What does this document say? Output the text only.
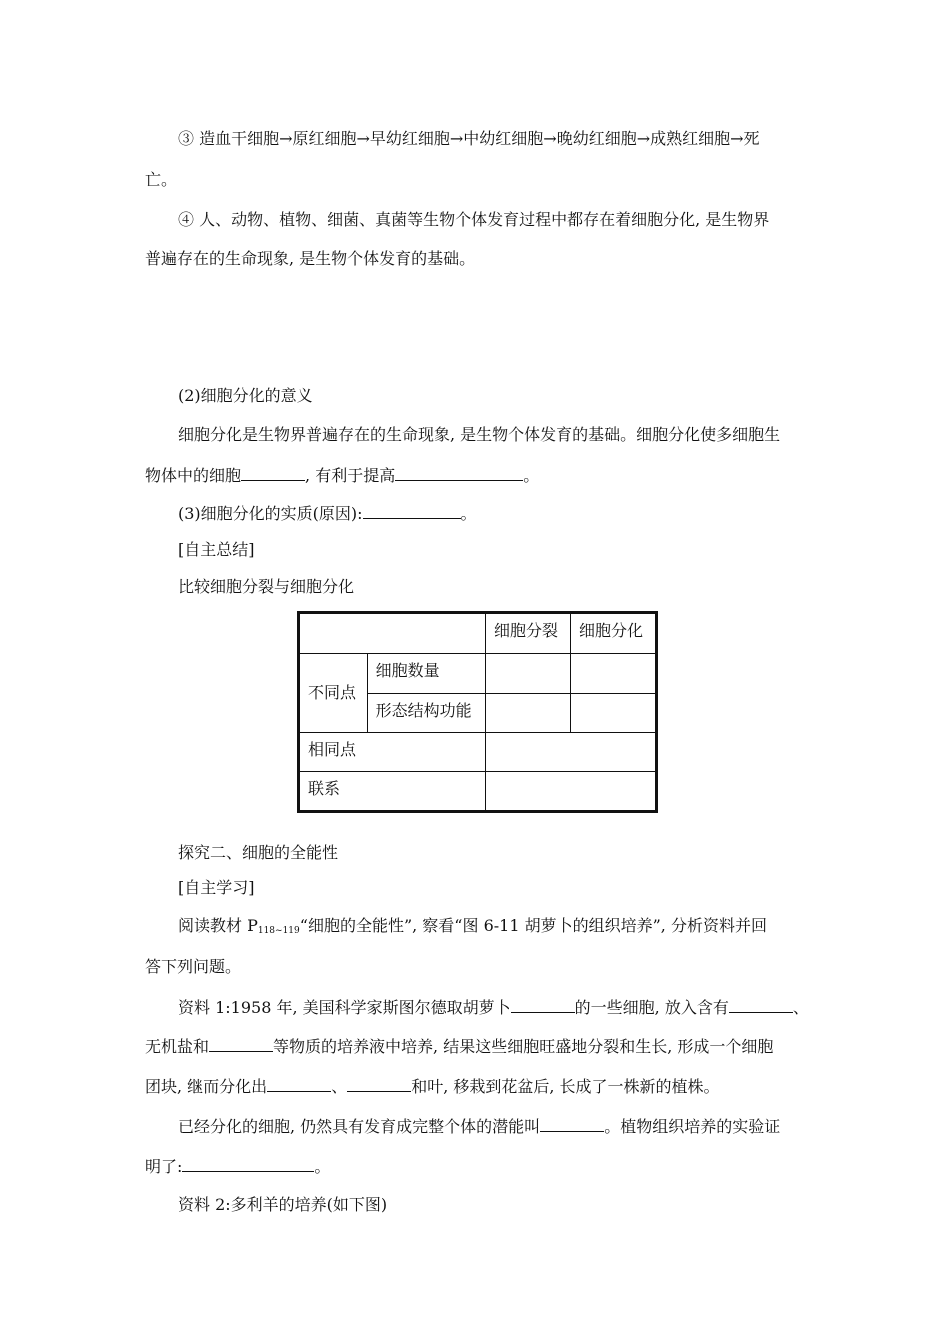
③ 造血干细胞→原红细胞→早幼红细胞→中幼红细胞→晚幼红细胞→成熟红细胞→死
亡。
④ 人、动物、植物、细菌、真菌等生物个体发育过程中都存在着细胞分化, 是生物界
普遍存在的生命现象, 是生物个体发育的基础。
(2)细胞分化的意义
细胞分化是生物界普遍存在的生命现象, 是生物个体发育的基础。细胞分化使多细胞生
物体中的细胞	, 有利于提高	。
(3)细胞分化的实质(原因):	。
[自主总结]
比较细胞分裂与细胞分化
		细胞分裂	细胞分化
不同点	细胞数量		
	形态结构功能		
相同点			
联系			
探究二、细胞的全能性
[自主学习]
阅读教材 $P_{118\sim 119}“$细胞的全能性”, 察看“图 6-11 胡萝卜的组织培养”, 分析资料并回
答下列问题。
资料 1:1958 年, 美国科学家斯图尔德取胡萝卜	的一些细胞, 放入含有	、
无机盐和	等物质的培养液中培养, 结果这些细胞旺盛地分裂和生长, 形成一个细胞
团块, 继而分化出	、	和叶, 移栽到花盆后, 长成了一株新的植株。
已经分化的细胞, 仍然具有发育成完整个体的潜能叫	。植物组织培养的实验证
明了:	。
资料 2:多利羊的培养(如下图)
